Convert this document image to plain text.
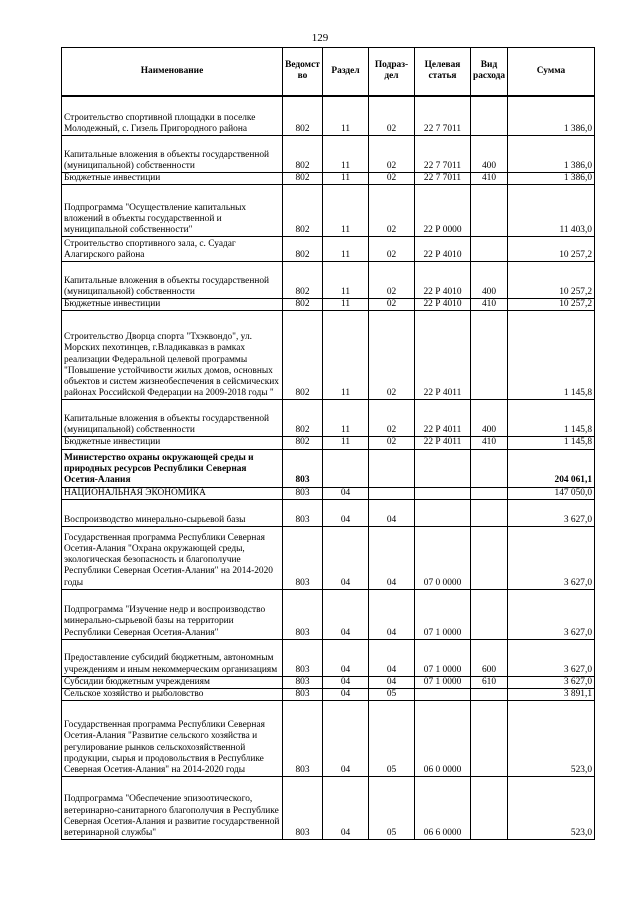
129
Наименование	Ведомст во	Раздел	Подраз- дел	Целевая статья	Вид расхода	Сумма
Строительство спортивной площадки в поселке Молодежный, с. Гизель Пригородного района	802	11	02	22 7 7011		1 386,0
Капитальные вложения в объекты государственной (муниципальной) собственности	802	11	02	22 7 7011	400	1 386,0
Бюджетные инвестиции	802	11	02	22 7 7011	410	1 386,0
Подпрограмма "Осуществление капитальных вложений в объекты государственной и муниципальной собственности"	802	11	02	22 Р 0000		11 403,0
Строительство спортивного зала, с. Суадаг Алагирского района	802	11	02	22 Р 4010		10 257,2
Капитальные вложения в объекты государственной (муниципальной) собственности	802	11	02	22 Р 4010	400	10 257,2
Бюджетные инвестиции	802	11	02	22 Р 4010	410	10 257,2
Строительство Дворца спорта "Тхэквондо", ул. Морских пехотинцев, г.Владикавказ в рамках реализации Федеральной целевой программы "Повышение устойчивости жилых домов, основных объектов и систем жизнеобеспечения в сейсмических районах Российской Федерации на 2009-2018 годы "	802	11	02	22 Р 4011		1 145,8
Капитальные вложения в объекты государственной (муниципальной) собственности	802	11	02	22 Р 4011	400	1 145,8
Бюджетные инвестиции	802	11	02	22 Р 4011	410	1 145,8
Министерство охраны окружающей среды и природных ресурсов Республики Северная Осетия-Алания	803					204 061,1
НАЦИОНАЛЬНАЯ ЭКОНОМИКА	803	04				147 050,0
Воспроизводство минерально-сырьевой базы	803	04	04			3 627,0
Государственная программа Республики Северная Осетия-Алания "Охрана окружающей среды, экологическая безопасность и благополучие Республики Северная Осетия-Алания" на 2014-2020 годы	803	04	04	07 0 0000		3 627,0
Подпрограмма "Изучение недр и воспроизводство минерально-сырьевой базы на территории Республики Северная Осетия-Алания"	803	04	04	07 1 0000		3 627,0
Предоставление субсидий бюджетным, автономным учреждениям и иным некоммерческим организациям	803	04	04	07 1 0000	600	3 627,0
Субсидии бюджетным учреждениям	803	04	04	07 1 0000	610	3 627,0
Сельское хозяйство и рыболовство	803	04	05			3 891,1
Государственная программа Республики Северная Осетия-Алания "Развитие сельского хозяйства и регулирование рынков сельскохозяйственной продукции, сырья и продовольствия в Республике Северная Осетия-Алания" на 2014-2020 годы	803	04	05	06 0 0000		523,0
Подпрограмма "Обеспечение эпизоотического, ветеринарно-санитарного благополучия в Республике Северная Осетия-Алания и развитие государственной ветеринарной службы"	803	04	05	06 6 0000		523,0
